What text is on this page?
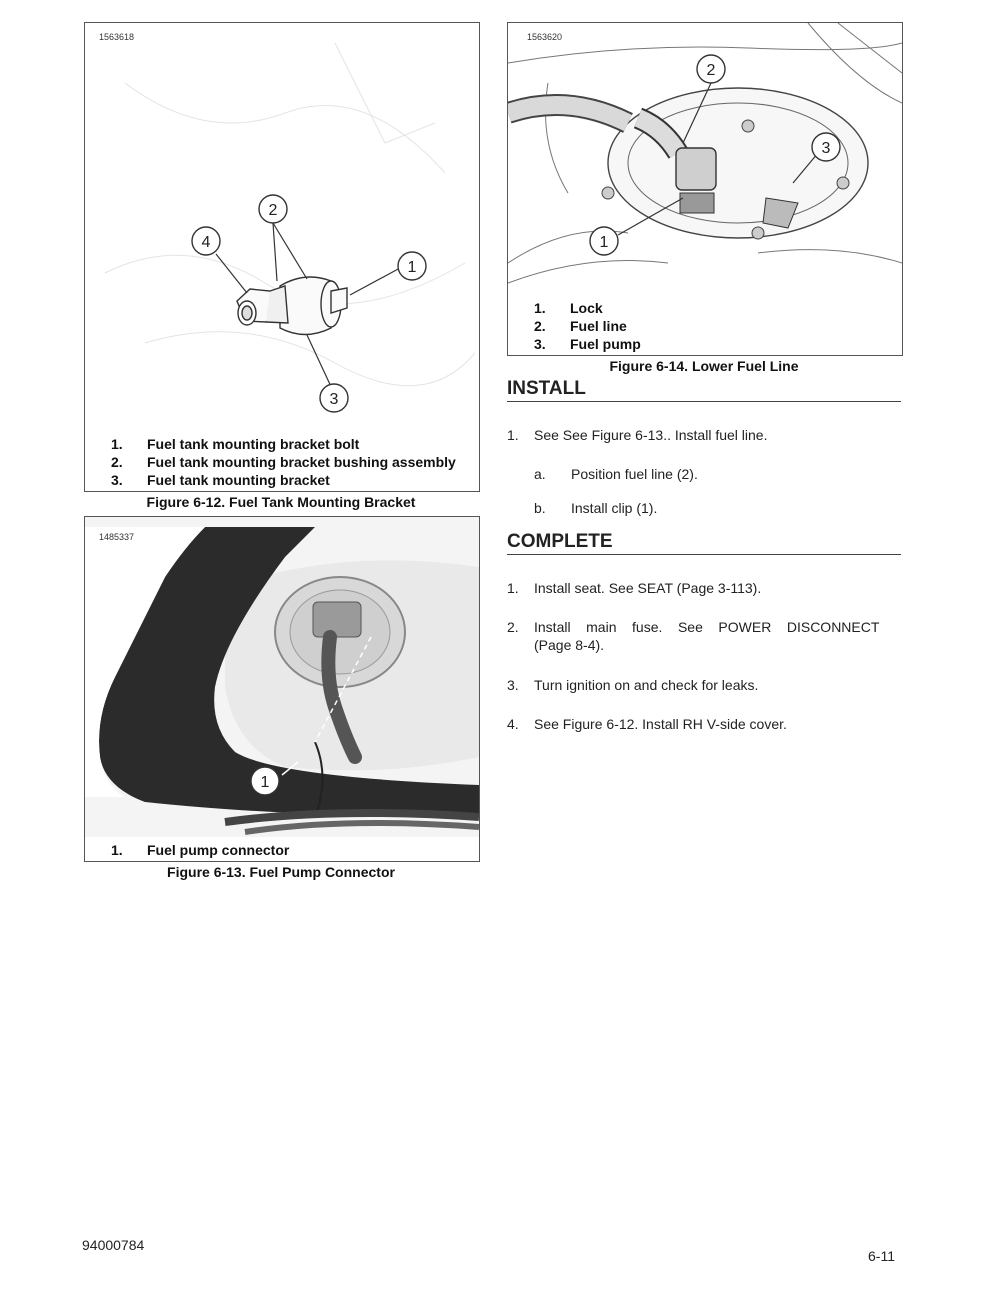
1563618
2
4
1
3
1.	Fuel tank mounting bracket bolt
2.	Fuel tank mounting bracket bushing assembly
3.	Fuel tank mounting bracket
Figure 6-12. Fuel Tank Mounting Bracket
1
1485337
1.	Fuel pump connector
Figure 6-13. Fuel Pump Connector
2
3
1
1563620
1.	Lock
2.	Fuel line
3.	Fuel pump
Figure 6-14. Lower Fuel Line
INSTALL
1. See See Figure 6-13.. Install fuel line.
a. Position fuel line (2).
b. Install clip (1).
COMPLETE
1. Install seat. See SEAT (Page 3-113).
2. Install    main    fuse.    See    POWER    DISCONNECT
(Page 8-4).
3. Turn ignition on and check for leaks.
4. See Figure 6-12. Install RH V-side cover.
94000784
6-11
